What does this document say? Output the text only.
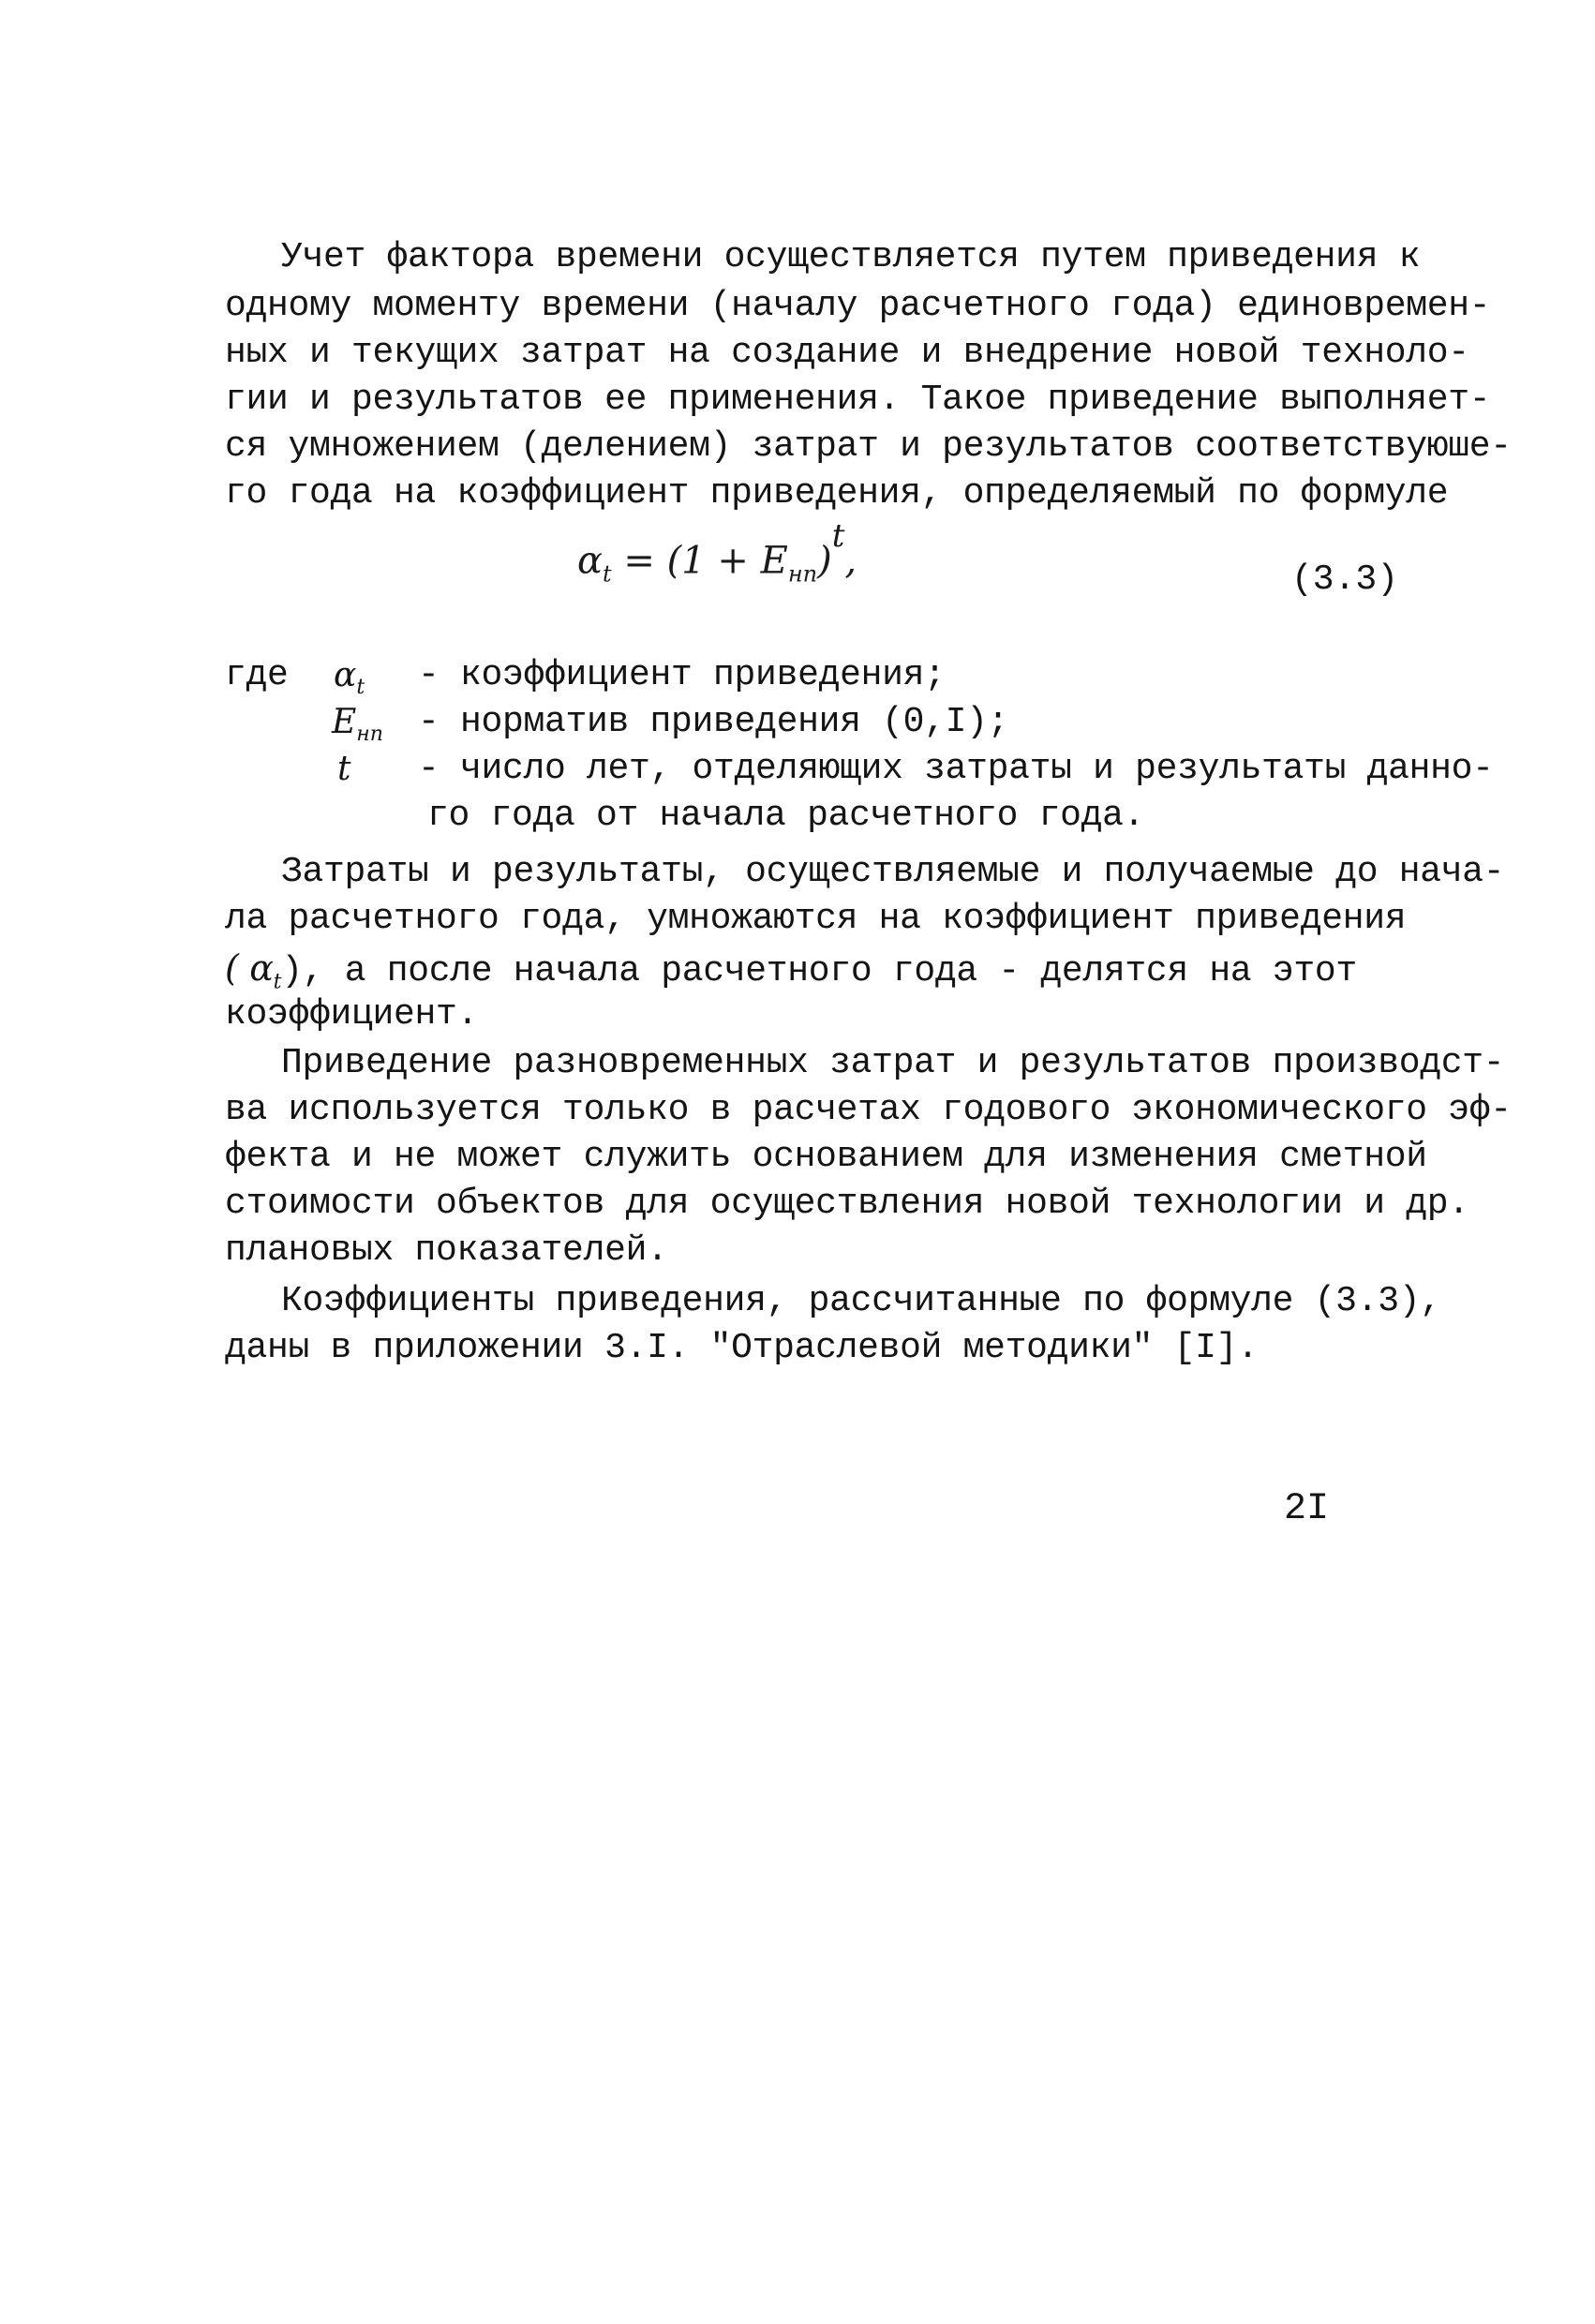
Учет фактора времени осуществляется путем приведения к
одному моменту времени (началу расчетного года) единовремен-
ных и текущих затрат на создание и внедрение новой техноло-
гии и результатов ее применения. Такое приведение выполняет-
ся умножением (делением) затрат и результатов соответствуюше-
го года на коэффициент приведения, определяемый по формуле
$\alpha_t = (1 + E_{нп})^t$,	(3.3)
где $\alpha_t$ - коэффициент приведения;
$E_{нп}$ - норматив приведения (0,I);
t - число лет, отделяющих затраты и результаты данно-
го года от начала расчетного года.
Затраты и результаты, осуществляемые и получаемые до нача-
ла расчетного года, умножаются на коэффициент приведения
( $\alpha_t$), а после начала расчетного года - делятся на этот
коэффициент.
Приведение разновременных затрат и результатов производст-
ва используется только в расчетах годового экономического эф-
фекта и не может служить основанием для изменения сметной
стоимости объектов для осуществления новой технологии и др.
плановых показателей.
Коэффициенты приведения, рассчитанные по формуле (3.3),
даны в приложении 3.I. "Отраслевой методики" [I].
2I
